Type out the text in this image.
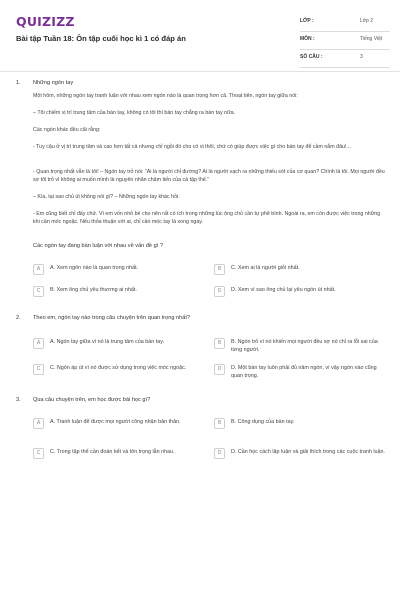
QUIZIZZ
Bài tập Tuần 18: Ôn tập cuối học kì 1 có đáp án
LỚP :	Lớp 2
MÔN :	Tiếng Việt
SỐ CÂU :	3
1. Những ngón tay
Một hôm, những ngón tay tranh luận với nhau xem ngón nào là quan trọng hơn cả. Thoạt tiên, ngón tay giữa nói:
– Tôi chiếm vị trí trung tâm của bàn tay, không có tôi thì bàn tay chẳng ra bàn tay nữa.
Các ngón khác đều cãi rằng:
- Tuy cậu ở vị trí trung tâm và cao hơn tất cả nhưng chỉ ngồi đó cho có vị thôi, chứ có giúp được việc gì cho bàn tay để cầm nắm đâu!...
- Quan trọng nhất vẫn là tôi! – Ngón tay trỏ nói: "Ai là người chỉ đường? Ai là người vạch ra những thiếu sót của cơ quan? Chính là tôi. Mọi người đều sợ tôi trỏ vì không ai muốn mình là nguyên nhân chậm tiến của cả tập thể."
– Kìa, tại sao chủ út không nói gì? – Những ngón tay khác hỏi.
- Em cũng biết chỉ đấy chứ. Vì em vốn nhỏ bé cho nên rất có ích trong những lúc ông chủ cần tự phê bình. Ngoài ra, em còn được việc trong những khi cần móc ngoặc. Nếu thỏa thuận với ai, chỉ cần móc tay là xong ngay.
Các ngón tay đang bàn luận với nhau về vấn đề gì ?
A	A. Xem ngón nào là quan trọng nhất.	B	C. Xem ai là người giỏi nhất.
C	B. Xem ông chủ yêu thương ai nhất.	D	D. Xem vì sao ông chủ lại yêu ngón út nhất.
2. Theo em, ngón tay nào trong câu chuyện trên quan trọng nhất?
A	A. Ngón tay giữa vì nó là trung tâm của bàn tay.	B	B. Ngón trỏ vì nó khiến mọi người đều sợ nó chỉ ra lỗi sai của từng người.
C	C. Ngón áp út vì nó được sử dụng trong việc móc ngoặc.	D	D. Một bàn tay luôn phải đủ năm ngón, vì vậy ngón nào cũng quan trọng.
3. Qua câu chuyện trên, em học được bài học gì?
A	A. Tranh luận để được mọi người công nhận bản thân.	B	B. Công dụng của bàn tay.
C	C. Trong tập thể cần đoàn kết và tôn trọng lẫn nhau.	D	D. Cần học cách lập luận và giải thích trong các cuộc tranh luận.
